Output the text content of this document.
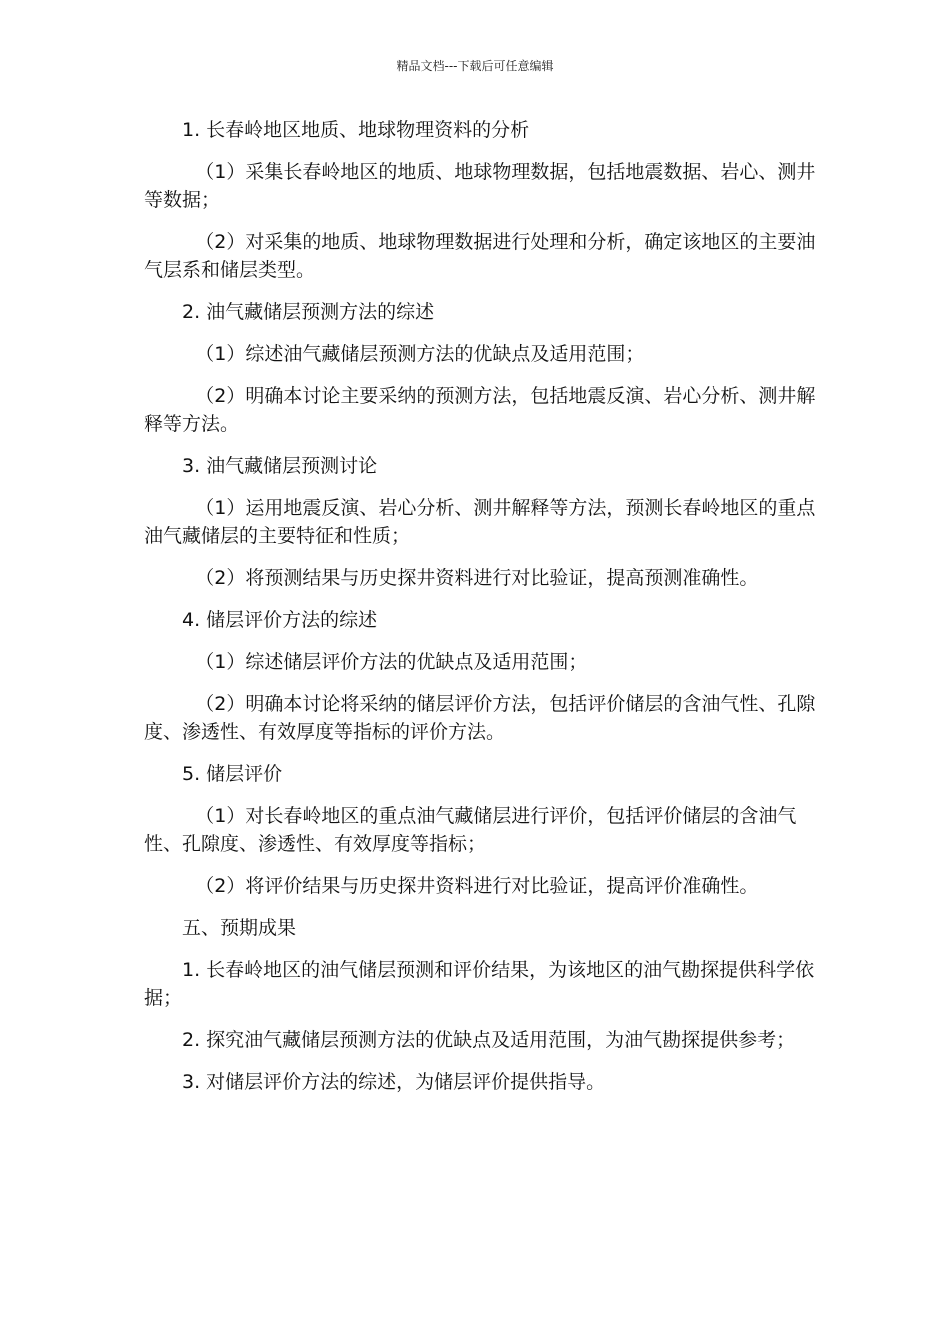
精品文档---下载后可任意编辑

1. 长春岭地区地质、地球物理资料的分析

（1）采集长春岭地区的地质、地球物理数据，包括地震数据、岩心、测井等数据；

（2）对采集的地质、地球物理数据进行处理和分析，确定该地区的主要油气层系和储层类型。

2. 油气藏储层预测方法的综述

（1）综述油气藏储层预测方法的优缺点及适用范围；

（2）明确本讨论主要采纳的预测方法，包括地震反演、岩心分析、测井解释等方法。

3. 油气藏储层预测讨论

（1）运用地震反演、岩心分析、测井解释等方法，预测长春岭地区的重点油气藏储层的主要特征和性质；

（2）将预测结果与历史探井资料进行对比验证，提高预测准确性。

4. 储层评价方法的综述

（1）综述储层评价方法的优缺点及适用范围；

（2）明确本讨论将采纳的储层评价方法，包括评价储层的含油气性、孔隙度、渗透性、有效厚度等指标的评价方法。

5. 储层评价

（1）对长春岭地区的重点油气藏储层进行评价，包括评价储层的含油气性、孔隙度、渗透性、有效厚度等指标；

（2）将评价结果与历史探井资料进行对比验证，提高评价准确性。

五、预期成果

1. 长春岭地区的油气储层预测和评价结果，为该地区的油气勘探提供科学依据；

2. 探究油气藏储层预测方法的优缺点及适用范围，为油气勘探提供参考；

3. 对储层评价方法的综述，为储层评价提供指导。
